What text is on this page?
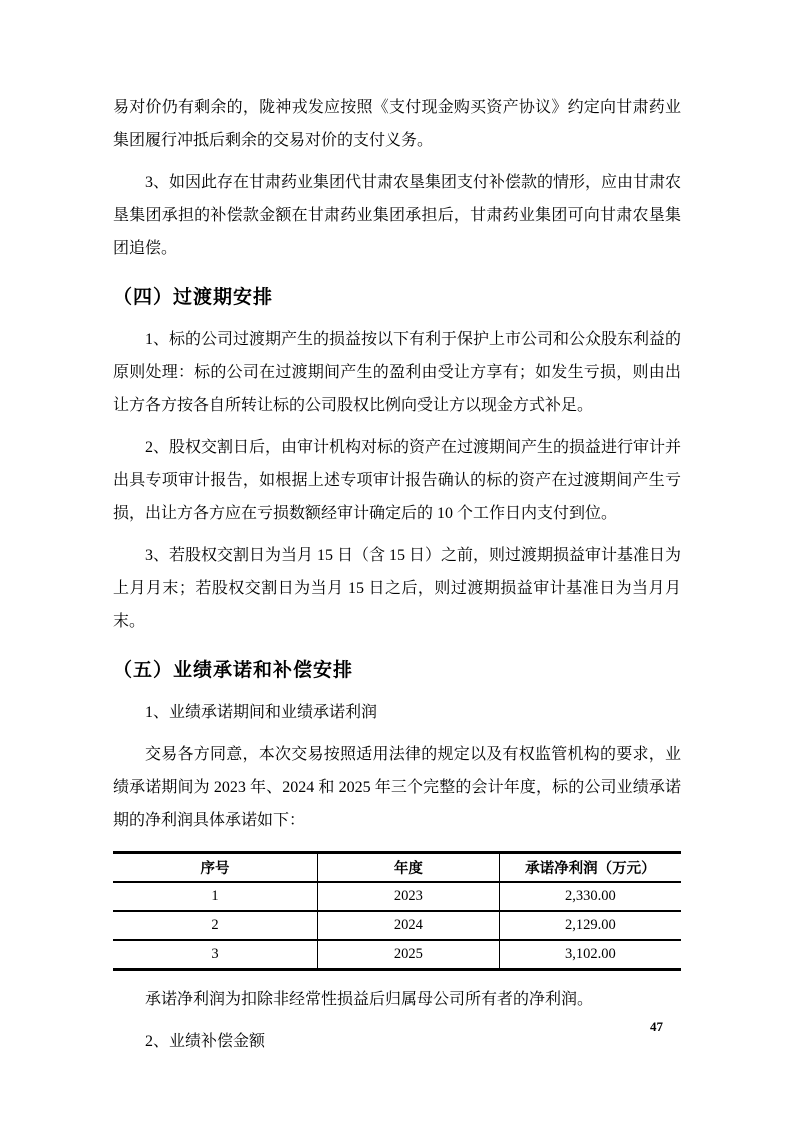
易对价仍有剩余的，陇神戎发应按照《支付现金购买资产协议》约定向甘肃药业集团履行冲抵后剩余的交易对价的支付义务。

3、如因此存在甘肃药业集团代甘肃农垦集团支付补偿款的情形，应由甘肃农垦集团承担的补偿款金额在甘肃药业集团承担后，甘肃药业集团可向甘肃农垦集团追偿。

（四）过渡期安排

1、标的公司过渡期产生的损益按以下有利于保护上市公司和公众股东利益的原则处理：标的公司在过渡期间产生的盈利由受让方享有；如发生亏损，则由出让方各方按各自所转让标的公司股权比例向受让方以现金方式补足。

2、股权交割日后，由审计机构对标的资产在过渡期间产生的损益进行审计并出具专项审计报告，如根据上述专项审计报告确认的标的资产在过渡期间产生亏损，出让方各方应在亏损数额经审计确定后的 10 个工作日内支付到位。

3、若股权交割日为当月 15 日（含 15 日）之前，则过渡期损益审计基准日为上月月末；若股权交割日为当月 15 日之后，则过渡期损益审计基准日为当月月末。

（五）业绩承诺和补偿安排

1、业绩承诺期间和业绩承诺利润

交易各方同意，本次交易按照适用法律的规定以及有权监管机构的要求，业绩承诺期间为 2023 年、2024 和 2025 年三个完整的会计年度，标的公司业绩承诺期的净利润具体承诺如下：

序号	年度	承诺净利润（万元）
1	2023	2,330.00
2	2024	2,129.00
3	2025	3,102.00

承诺净利润为扣除非经常性损益后归属母公司所有者的净利润。

2、业绩补偿金额

47
